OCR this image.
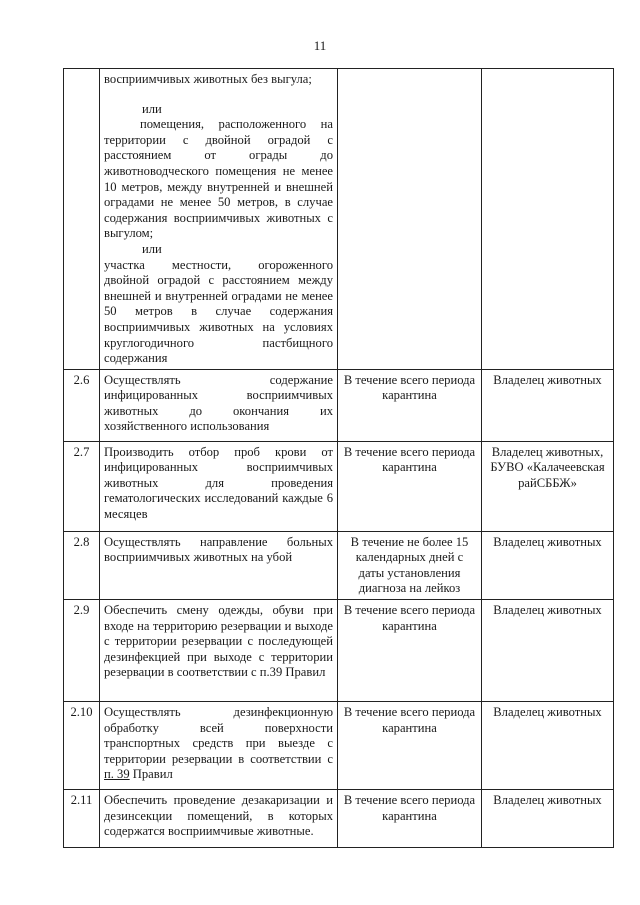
11

	восприимчивых животных без выгула;
или
помещения, расположенного на территории с двойной оградой с расстоянием от ограды до животноводческого помещения не менее 10 метров, между внутренней и внешней оградами не менее 50 метров, в случае содержания восприимчивых животных с выгулом;
или
участка местности, огороженного двойной оградой с расстоянием между внешней и внутренней оградами не менее 50 метров в случае содержания восприимчивых животных на условиях круглогодичного пастбищного содержания		

2.6	Осуществлять содержание инфицированных восприимчивых животных до окончания их хозяйственного использования	В течение всего периода карантина	Владелец животных
2.7	Производить отбор проб крови от инфицированных восприимчивых животных для проведения гематологических исследований каждые 6 месяцев	В течение всего периода карантина	Владелец животных, БУВО «Калачеевская райСББЖ»
2.8	Осуществлять направление больных восприимчивых животных на убой	В течение не более 15 календарных дней с даты установления диагноза на лейкоз	Владелец животных
2.9	Обеспечить смену одежды, обуви при входе на территорию резервации и выходе с территории резервации с последующей дезинфекцией при выходе с территории резервации в соответствии с п.39 Правил	В течение всего периода карантина	Владелец животных
2.10	Осуществлять дезинфекционную обработку всей поверхности транспортных средств при выезде с территории резервации в соответствии с п. 39 Правил	В течение всего периода карантина	Владелец животных
2.11	Обеспечить проведение дезакаризации и дезинсекции помещений, в которых содержатся восприимчивые животные.	В течение всего периода карантина	Владелец животных
